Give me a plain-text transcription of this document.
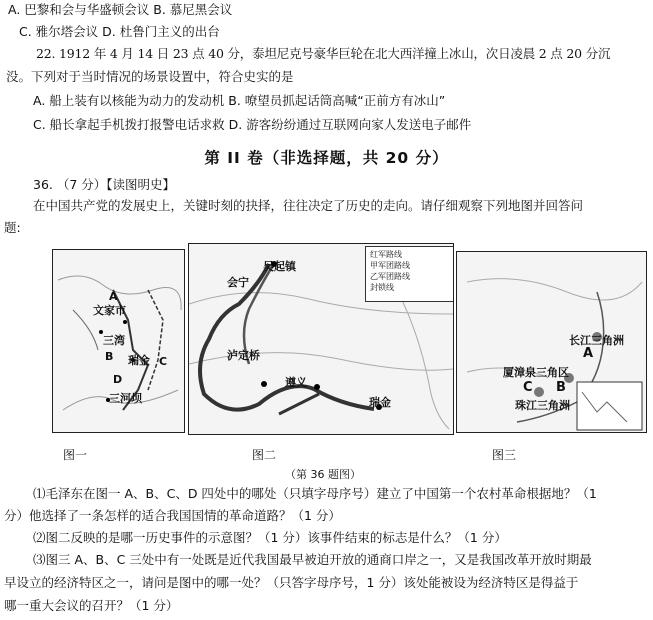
A. 巴黎和会与华盛顿会议 B. 慕尼黑会议
C. 雅尔塔会议 D. 杜鲁门主义的出台
22. 1912 年 4 月 14 日 23 点 40 分，泰坦尼克号豪华巨轮在北大西洋撞上冰山，次日凌晨 2 点 20 分沉
没。下列对于当时情况的场景设置中，符合史实的是
A. 船上装有以核能为动力的发动机 B. 嘹望员抓起话筒高喊“正前方有冰山”
C. 船长拿起手机拨打报警电话求救 D. 游客纷纷通过互联网向家人发送电子邮件
第 II 卷（非选择题，共 20 分）
36. （7 分）【读图明史】
在中国共产党的发展史上，关键时刻的抉择，往往决定了历史的走向。请仔细观察下列地图并回答问
题:
A
文家市
三湾
B 瑞金 C
D
三河坝
红军路线
甲军团路线
乙军团路线
封锁线
吴起镇
会宁
泸定桥
遵义
瑞金
长江三角洲
A
厦漳泉三角区
C B
珠江三角洲
图一	图二	图三
（第 36 题图）
⑴毛泽东在图一 A、B、C、D 四处中的哪处（只填字母序号）建立了中国第一个农村革命根据地？（1
分）他选择了一条怎样的适合我国国情的革命道路？（1 分）
⑵图二反映的是哪一历史事件的示意图？（1 分）该事件结束的标志是什么？（1 分）
⑶图三 A、B、C 三处中有一处既是近代我国最早被迫开放的通商口岸之一，又是我国改革开放时期最
早设立的经济特区之一，请问是图中的哪一处？（只答字母序号，1 分）该处能被设为经济特区是得益于
哪一重大会议的召开？（1 分）
